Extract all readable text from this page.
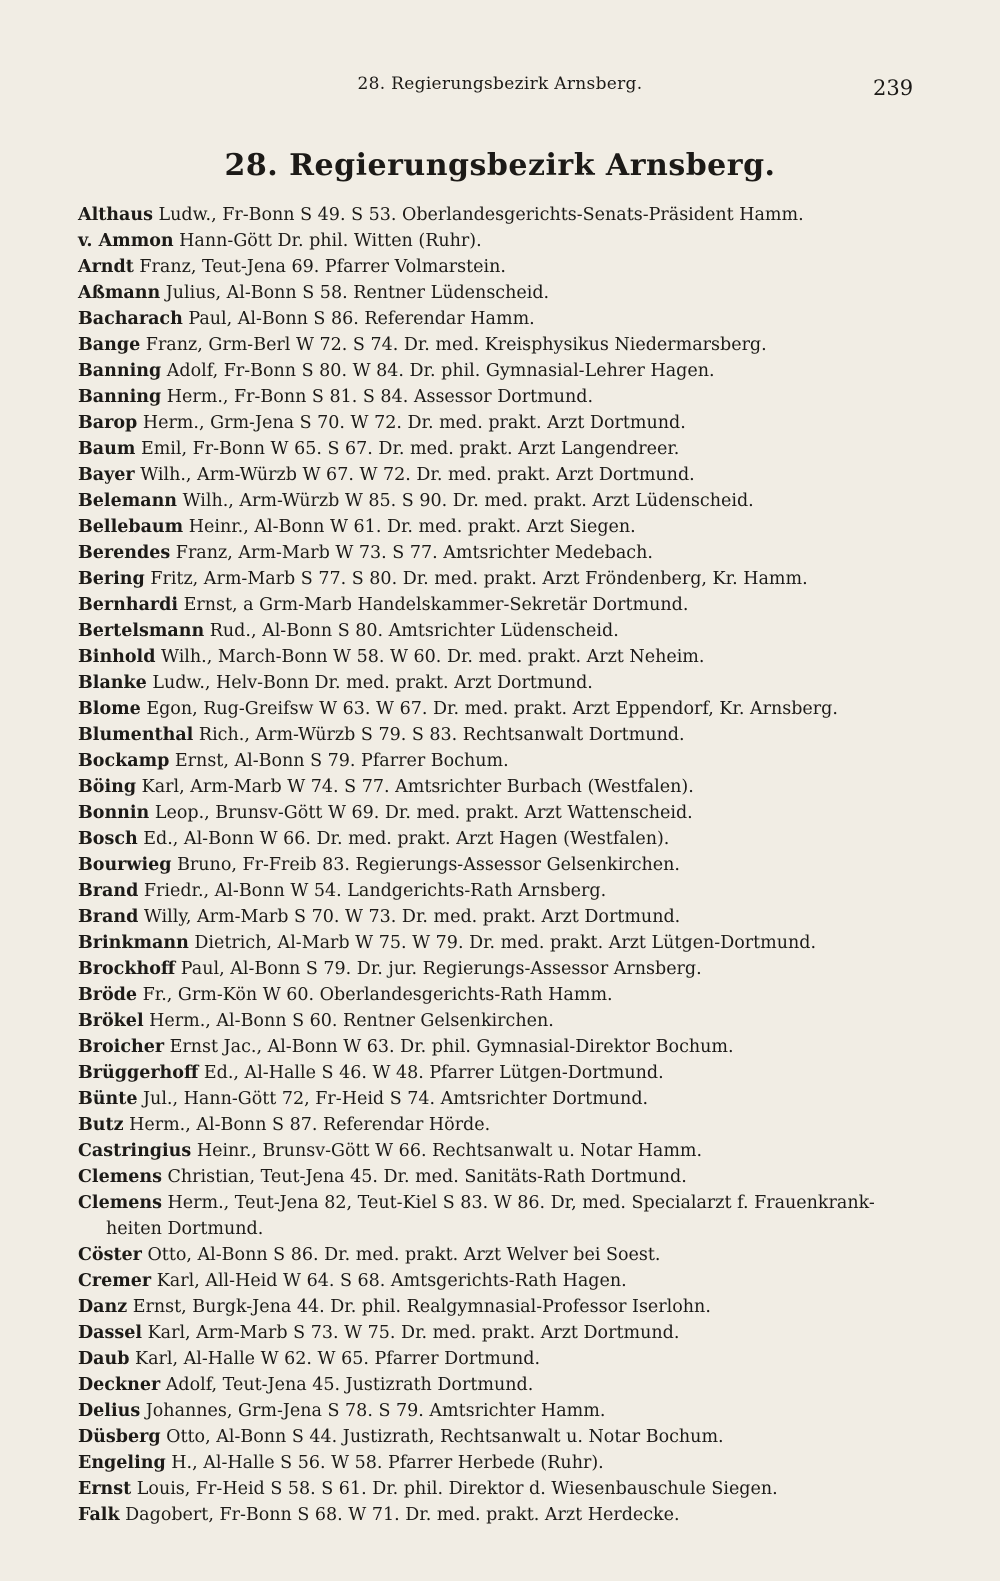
28. Regierungsbezirk Arnsberg.	239
28. Regierungsbezirk Arnsberg.
Althaus Ludw., Fr-Bonn S 49. S 53. Oberlandesgerichts-Senats-Präsident Hamm.
v. Ammon Hann-Gött Dr. phil. Witten (Ruhr).
Arndt Franz, Teut-Jena 69. Pfarrer Volmarstein.
Aßmann Julius, Al-Bonn S 58. Rentner Lüdenscheid.
Bacharach Paul, Al-Bonn S 86. Referendar Hamm.
Bange Franz, Grm-Berl W 72. S 74. Dr. med. Kreisphysikus Niedermarsberg.
Banning Adolf, Fr-Bonn S 80. W 84. Dr. phil. Gymnasial-Lehrer Hagen.
Banning Herm., Fr-Bonn S 81. S 84. Assessor Dortmund.
Barop Herm., Grm-Jena S 70. W 72. Dr. med. prakt. Arzt Dortmund.
Baum Emil, Fr-Bonn W 65. S 67. Dr. med. prakt. Arzt Langendreer.
Bayer Wilh., Arm-Würzb W 67. W 72. Dr. med. prakt. Arzt Dortmund.
Belemann Wilh., Arm-Würzb W 85. S 90. Dr. med. prakt. Arzt Lüdenscheid.
Bellebaum Heinr., Al-Bonn W 61. Dr. med. prakt. Arzt Siegen.
Berendes Franz, Arm-Marb W 73. S 77. Amtsrichter Medebach.
Bering Fritz, Arm-Marb S 77. S 80. Dr. med. prakt. Arzt Fröndenberg, Kr. Hamm.
Bernhardi Ernst, a Grm-Marb Handelskammer-Sekretär Dortmund.
Bertelsmann Rud., Al-Bonn S 80. Amtsrichter Lüdenscheid.
Binhold Wilh., March-Bonn W 58. W 60. Dr. med. prakt. Arzt Neheim.
Blanke Ludw., Helv-Bonn Dr. med. prakt. Arzt Dortmund.
Blome Egon, Rug-Greifsw W 63. W 67. Dr. med. prakt. Arzt Eppendorf, Kr. Arnsberg.
Blumenthal Rich., Arm-Würzb S 79. S 83. Rechtsanwalt Dortmund.
Bockamp Ernst, Al-Bonn S 79. Pfarrer Bochum.
Böing Karl, Arm-Marb W 74. S 77. Amtsrichter Burbach (Westfalen).
Bonnin Leop., Brunsv-Gött W 69. Dr. med. prakt. Arzt Wattenscheid.
Bosch Ed., Al-Bonn W 66. Dr. med. prakt. Arzt Hagen (Westfalen).
Bourwieg Bruno, Fr-Freib 83. Regierungs-Assessor Gelsenkirchen.
Brand Friedr., Al-Bonn W 54. Landgerichts-Rath Arnsberg.
Brand Willy, Arm-Marb S 70. W 73. Dr. med. prakt. Arzt Dortmund.
Brinkmann Dietrich, Al-Marb W 75. W 79. Dr. med. prakt. Arzt Lütgen-Dortmund.
Brockhoff Paul, Al-Bonn S 79. Dr. jur. Regierungs-Assessor Arnsberg.
Bröde Fr., Grm-Kön W 60. Oberlandesgerichts-Rath Hamm.
Brökel Herm., Al-Bonn S 60. Rentner Gelsenkirchen.
Broicher Ernst Jac., Al-Bonn W 63. Dr. phil. Gymnasial-Direktor Bochum.
Brüggerhoff Ed., Al-Halle S 46. W 48. Pfarrer Lütgen-Dortmund.
Bünte Jul., Hann-Gött 72, Fr-Heid S 74. Amtsrichter Dortmund.
Butz Herm., Al-Bonn S 87. Referendar Hörde.
Castringius Heinr., Brunsv-Gött W 66. Rechtsanwalt u. Notar Hamm.
Clemens Christian, Teut-Jena 45. Dr. med. Sanitäts-Rath Dortmund.
Clemens Herm., Teut-Jena 82, Teut-Kiel S 83. W 86. Dr, med. Specialarzt f. Frauenkrank-
heiten Dortmund.
Cöster Otto, Al-Bonn S 86. Dr. med. prakt. Arzt Welver bei Soest.
Cremer Karl, All-Heid W 64. S 68. Amtsgerichts-Rath Hagen.
Danz Ernst, Burgk-Jena 44. Dr. phil. Realgymnasial-Professor Iserlohn.
Dassel Karl, Arm-Marb S 73. W 75. Dr. med. prakt. Arzt Dortmund.
Daub Karl, Al-Halle W 62. W 65. Pfarrer Dortmund.
Deckner Adolf, Teut-Jena 45. Justizrath Dortmund.
Delius Johannes, Grm-Jena S 78. S 79. Amtsrichter Hamm.
Düsberg Otto, Al-Bonn S 44. Justizrath, Rechtsanwalt u. Notar Bochum.
Engeling H., Al-Halle S 56. W 58. Pfarrer Herbede (Ruhr).
Ernst Louis, Fr-Heid S 58. S 61. Dr. phil. Direktor d. Wiesenbauschule Siegen.
Falk Dagobert, Fr-Bonn S 68. W 71. Dr. med. prakt. Arzt Herdecke.
